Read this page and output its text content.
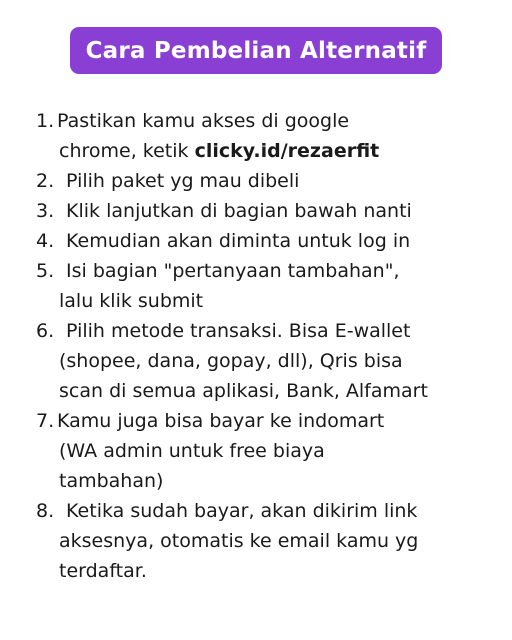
Cara Pembelian Alternatif
1. Pastikan kamu akses di google
chrome, ketik clicky.id/rezaerfit
2. Pilih paket yg mau dibeli
3. Klik lanjutkan di bagian bawah nanti
4. Kemudian akan diminta untuk log in
5. Isi bagian "pertanyaan tambahan",
lalu klik submit
6. Pilih metode transaksi. Bisa E-wallet
(shopee, dana, gopay, dll), Qris bisa
scan di semua aplikasi, Bank, Alfamart
7. Kamu juga bisa bayar ke indomart
(WA admin untuk free biaya
tambahan)
8. Ketika sudah bayar, akan dikirim link
aksesnya, otomatis ke email kamu yg
terdaftar.
